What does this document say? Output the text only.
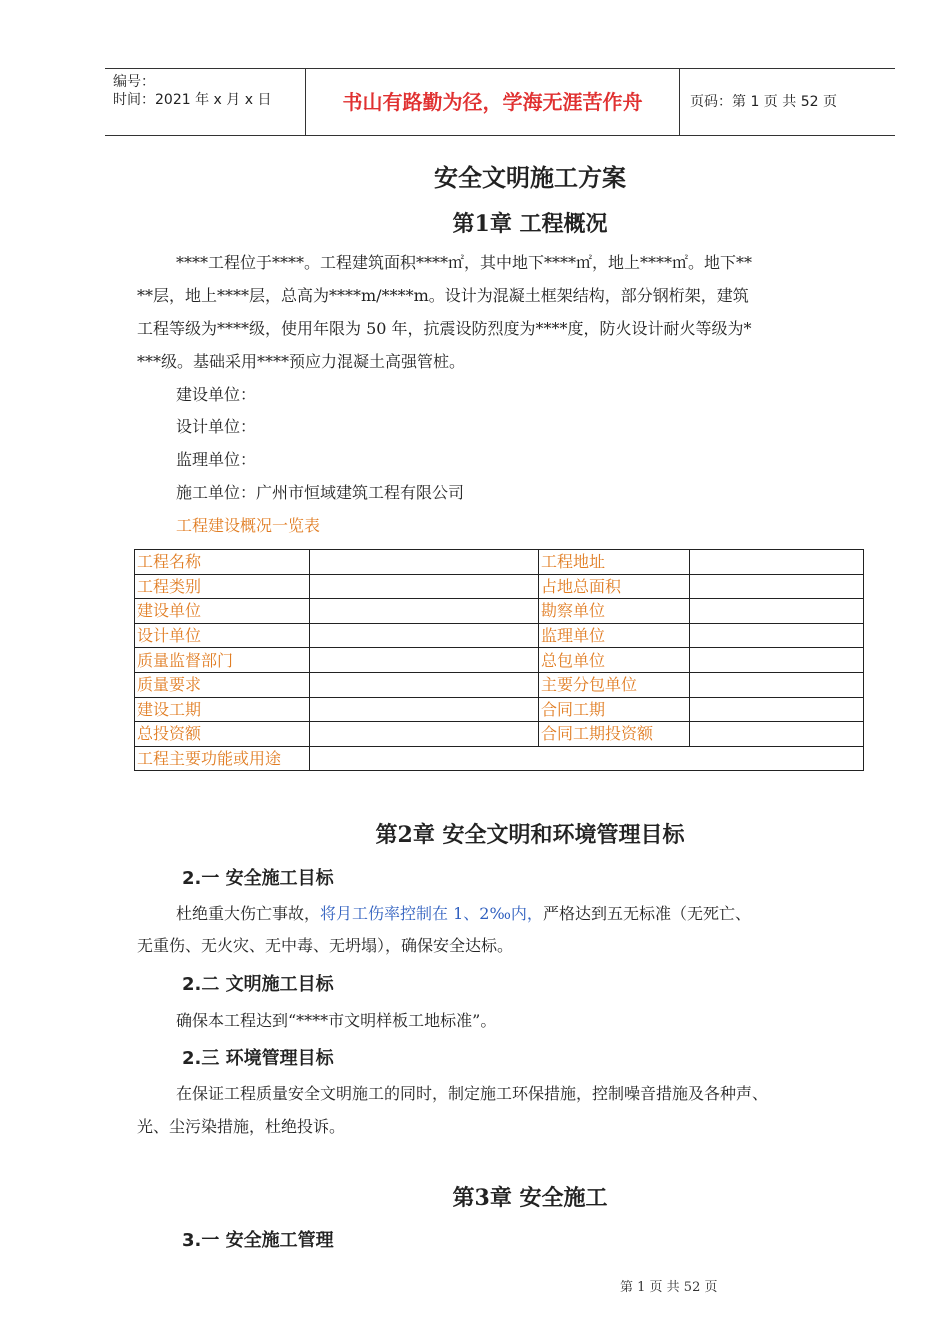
编号：
时间：2021 年 x 月 x 日	书山有路勤为径，学海无涯苦作舟	页码：第 1 页 共 52 页
安全文明施工方案
第1章 工程概况
****工程位于****。工程建筑面积****㎡，其中地下****㎡，地上****㎡。地下**
**层，地上****层，总高为****m/****m。设计为混凝土框架结构，部分钢桁架，建筑
工程等级为****级，使用年限为 50 年，抗震设防烈度为****度，防火设计耐火等级为*
***级。基础采用****预应力混凝土高强管桩。
建设单位：
设计单位：
监理单位：
施工单位：广州市恒域建筑工程有限公司
工程建设概况一览表
工程名称		工程地址	
工程类别		占地总面积	
建设单位		勘察单位	
设计单位		监理单位	
质量监督部门		总包单位	
质量要求		主要分包单位	
建设工期		合同工期	
总投资额		合同工期投资额	
工程主要功能或用途			
第2章 安全文明和环境管理目标
2.一 安全施工目标
杜绝重大伤亡事故，将月工伤率控制在 1、2‰内，严格达到五无标准（无死亡、
无重伤、无火灾、无中毒、无坍塌），确保安全达标。
2.二 文明施工目标
确保本工程达到“****市文明样板工地标准”。
2.三 环境管理目标
在保证工程质量安全文明施工的同时，制定施工环保措施，控制噪音措施及各种声、
光、尘污染措施，杜绝投诉。
第3章 安全施工
3.一 安全施工管理
第 1 页 共 52 页
